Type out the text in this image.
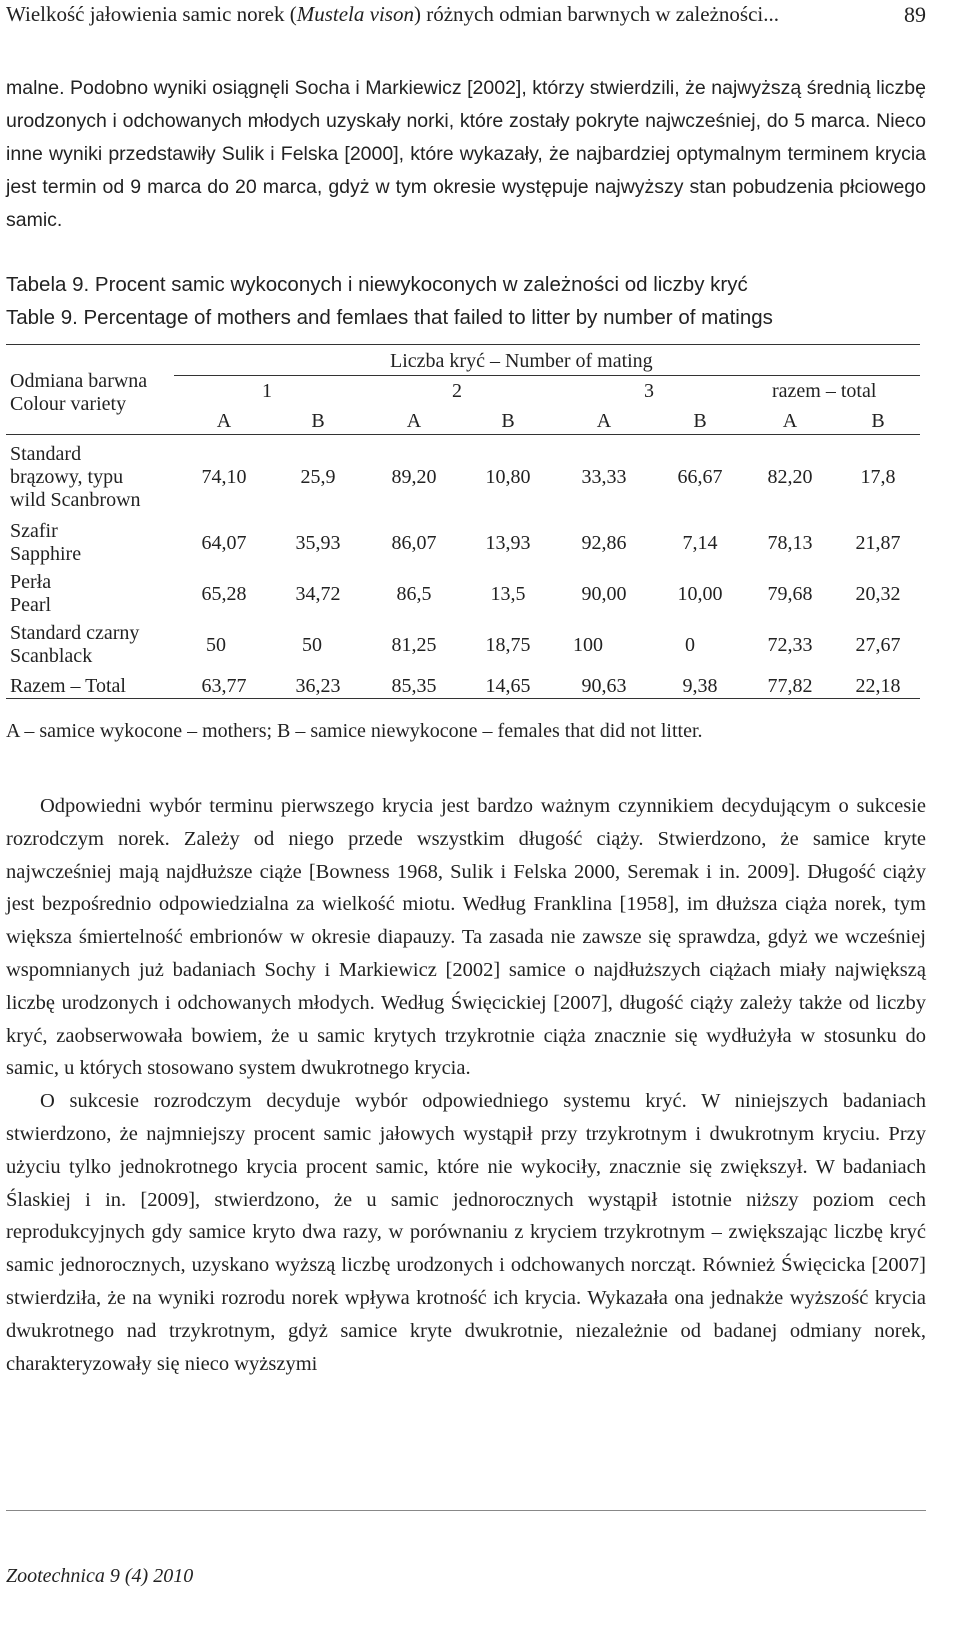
Wielkość jałowienia samic norek (Mustela vison) różnych odmian barwnych w zależności...	89

malne. Podobno wyniki osiągnęli Socha i Markiewicz [2002], którzy stwierdzili, że najwyższą średnią liczbę urodzonych i odchowanych młodych uzyskały norki, które zostały pokryte najwcześniej, do 5 marca. Nieco inne wyniki przedstawiły Sulik i Felska [2000], które wykazały, że najbardziej optymalnym terminem krycia jest termin od 9 marca do 20 marca, gdyż w tym okresie występuje najwyższy stan pobudzenia płciowego samic.

Tabela 9. Procent samic wykoconych i niewykoconych w zależności od liczby kryć

Table 9. Percentage of mothers and femlaes that failed to litter by number of matings

Odmiana barwna
Colour variety
Liczba kryć – Number of mating
1	2	3	razem – total
A	B	A	B	A	B	A	B
Standard
brązowy, typu
wild Scanbrown
74,10	25,9	89,20 10,80	33,33	66,67 82,20 17,8
Szafir
Sapphire	64,07 35,93	86,07 13,93	92,86	7,14	78,13 21,87
Perła
Pearl	65,28 34,72	86,5	13,5	90,00	10,00 79,68 20,32
Standard czarny
Scanblack	50	50	81,25 18,75 100	0	72,33 27,67
Razem – Total	63,77 36,23	85,35 14,65	90,63	9,38	77,82 22,18
A – samice wykocone – mothers; B – samice niewykocone – females that did not litter.

Odpowiedni wybór terminu pierwszego krycia jest bardzo ważnym czynnikiem decydującym o sukcesie rozrodczym norek. Zależy od niego przede wszystkim długość ciąży. Stwierdzono, że samice kryte najwcześniej mają najdłuższe ciąże [Bowness 1968, Sulik i Felska 2000, Seremak i in. 2009]. Długość ciąży jest bezpośrednio odpowiedzialna za wielkość miotu. Według Franklina [1958], im dłuższa ciąża norek, tym większa śmiertelność embrionów w okresie diapauzy. Ta zasada nie zawsze się sprawdza, gdyż we wcześniej wspomnianych już badaniach Sochy i Markiewicz [2002] samice o najdłuższych ciążach miały największą liczbę urodzonych i odchowanych młodych. Według Święcickiej [2007], długość ciąży zależy także od liczby kryć, zaobserwowała bowiem, że u samic krytych trzykrotnie ciąża znacznie się wydłużyła w stosunku do samic, u których stosowano system dwukrotnego krycia.

O sukcesie rozrodczym decyduje wybór odpowiedniego systemu kryć. W niniejszych badaniach stwierdzono, że najmniejszy procent samic jałowych wystąpił przy trzykrotnym i dwukrotnym kryciu. Przy użyciu tylko jednokrotnego krycia procent samic, które nie wykociły, znacznie się zwiększył. W badaniach Ślaskiej i in. [2009], stwierdzono, że u samic jednorocznych wystąpił istotnie niższy poziom cech reprodukcyjnych gdy samice kryto dwa razy, w porównaniu z kryciem trzykrotnym – zwiększając liczbę kryć samic jednorocznych, uzyskano wyższą liczbę urodzonych i odchowanych norcząt. Również Święcicka [2007] stwierdziła, że na wyniki rozrodu norek wpływa krotność ich krycia. Wykazała ona jednakże wyższość krycia dwukrotnego nad trzykrotnym, gdyż samice kryte dwukrotnie, niezależnie od badanej odmiany norek, charakteryzowały się nieco wyższymi

Zootechnica 9 (4) 2010
